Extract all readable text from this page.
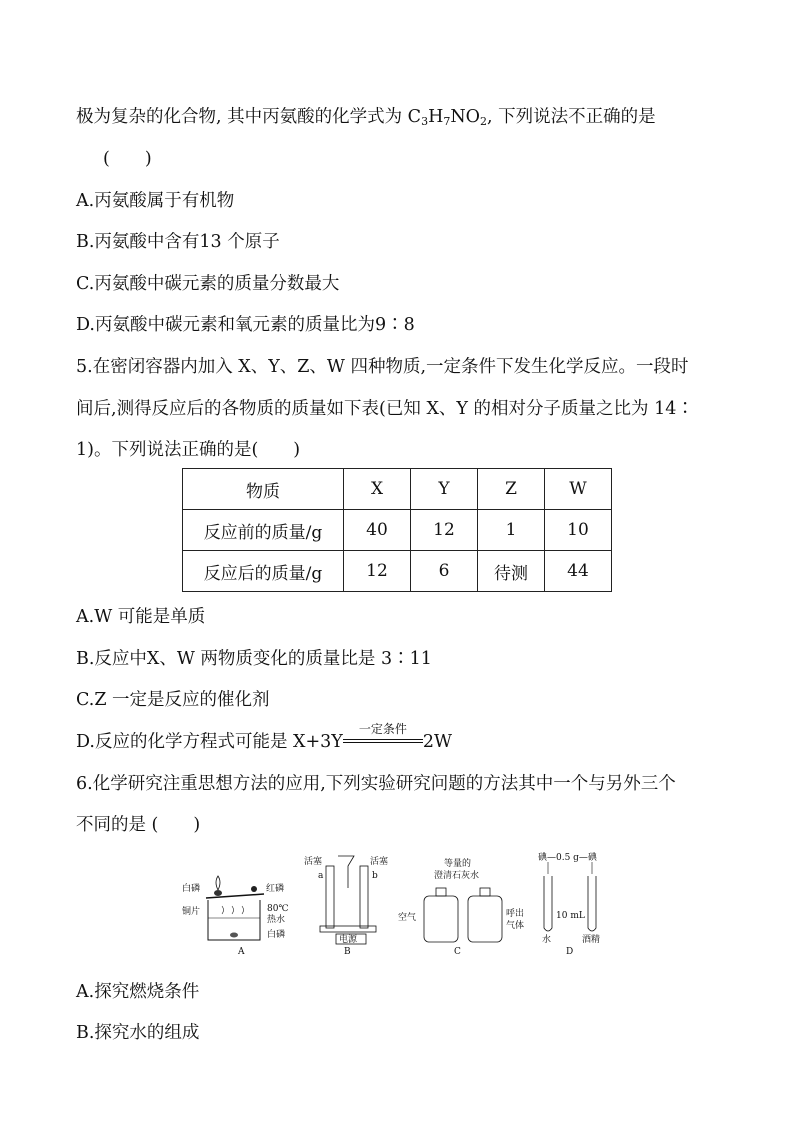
极为复杂的化合物, 其中丙氨酸的化学式为 $C_3H_7NO_2$, 下列说法不正确的是
(　　)
A.丙氨酸属于有机物
B.丙氨酸中含有13 个原子
C.丙氨酸中碳元素的质量分数最大
D.丙氨酸中碳元素和氧元素的质量比为9∶8
5.在密闭容器内加入 X、Y、Z、W 四种物质,一定条件下发生化学反应。一段时
间后,测得反应后的各物质的质量如下表(已知 X、Y 的相对分子质量之比为 14∶
1)。下列说法正确的是(　　)
物质	X	Y	Z	W
反应前的质量/g	40	12	1	10
反应后的质量/g	12	6	待测	44
A.W 可能是单质
B.反应中X、W 两物质变化的质量比是 3∶11
C.Z 一定是反应的催化剂
D.反应的化学方程式可能是 X+3Y
一定条件
2W
6.化学研究注重思想方法的应用,下列实验研究问题的方法其中一个与另外三个
不同的是 (　　)
白磷	红磷
80℃
热水
铜片
白磷
A
活塞	活塞
a	b
电源
B
等量的
澄清石灰水
空气	呼出
气体
C
碘—0.5 g—碘
10 mL
水	酒精
D
A.探究燃烧条件
B.探究水的组成
